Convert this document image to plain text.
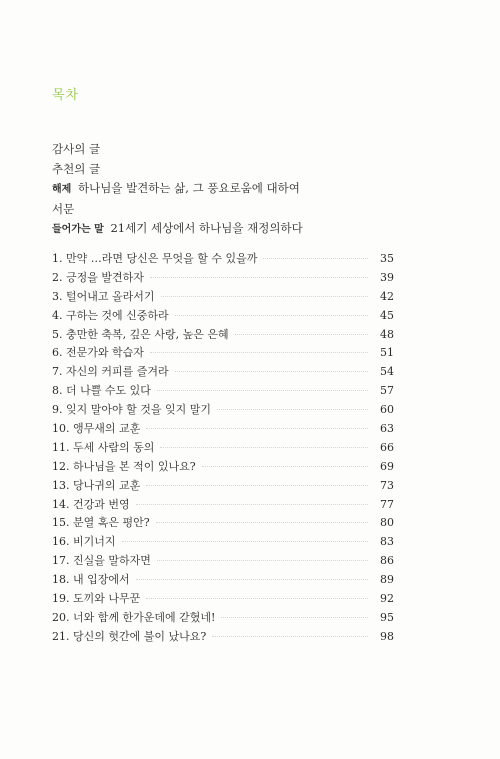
목차
감사의 글
추천의 글
해제 하나님을 발견하는 삶, 그 풍요로움에 대하여
서문
들어가는 말 21세기 세상에서 하나님을 재정의하다
1. 만약 …라면 당신은 무엇을 할 수 있을까	35
2. 긍정을 발견하자	39
3. 털어내고 올라서기	42
4. 구하는 것에 신중하라	45
5. 충만한 축복, 깊은 사랑, 높은 은혜	48
6. 전문가와 학습자	51
7. 자신의 커피를 즐겨라	54
8. 더 나쁠 수도 있다	57
9. 잊지 말아야 할 것을 잊지 말기	60
10. 앵무새의 교훈	63
11. 두세 사람의 동의	66
12. 하나님을 본 적이 있나요?	69
13. 당나귀의 교훈	73
14. 건강과 번영	77
15. 분열 혹은 평안?	80
16. 비기너지	83
17. 진실을 말하자면	86
18. 내 입장에서	89
19. 도끼와 나무꾼	92
20. 너와 함께 한가운데에 갇혔네!	95
21. 당신의 헛간에 불이 났나요?	98
